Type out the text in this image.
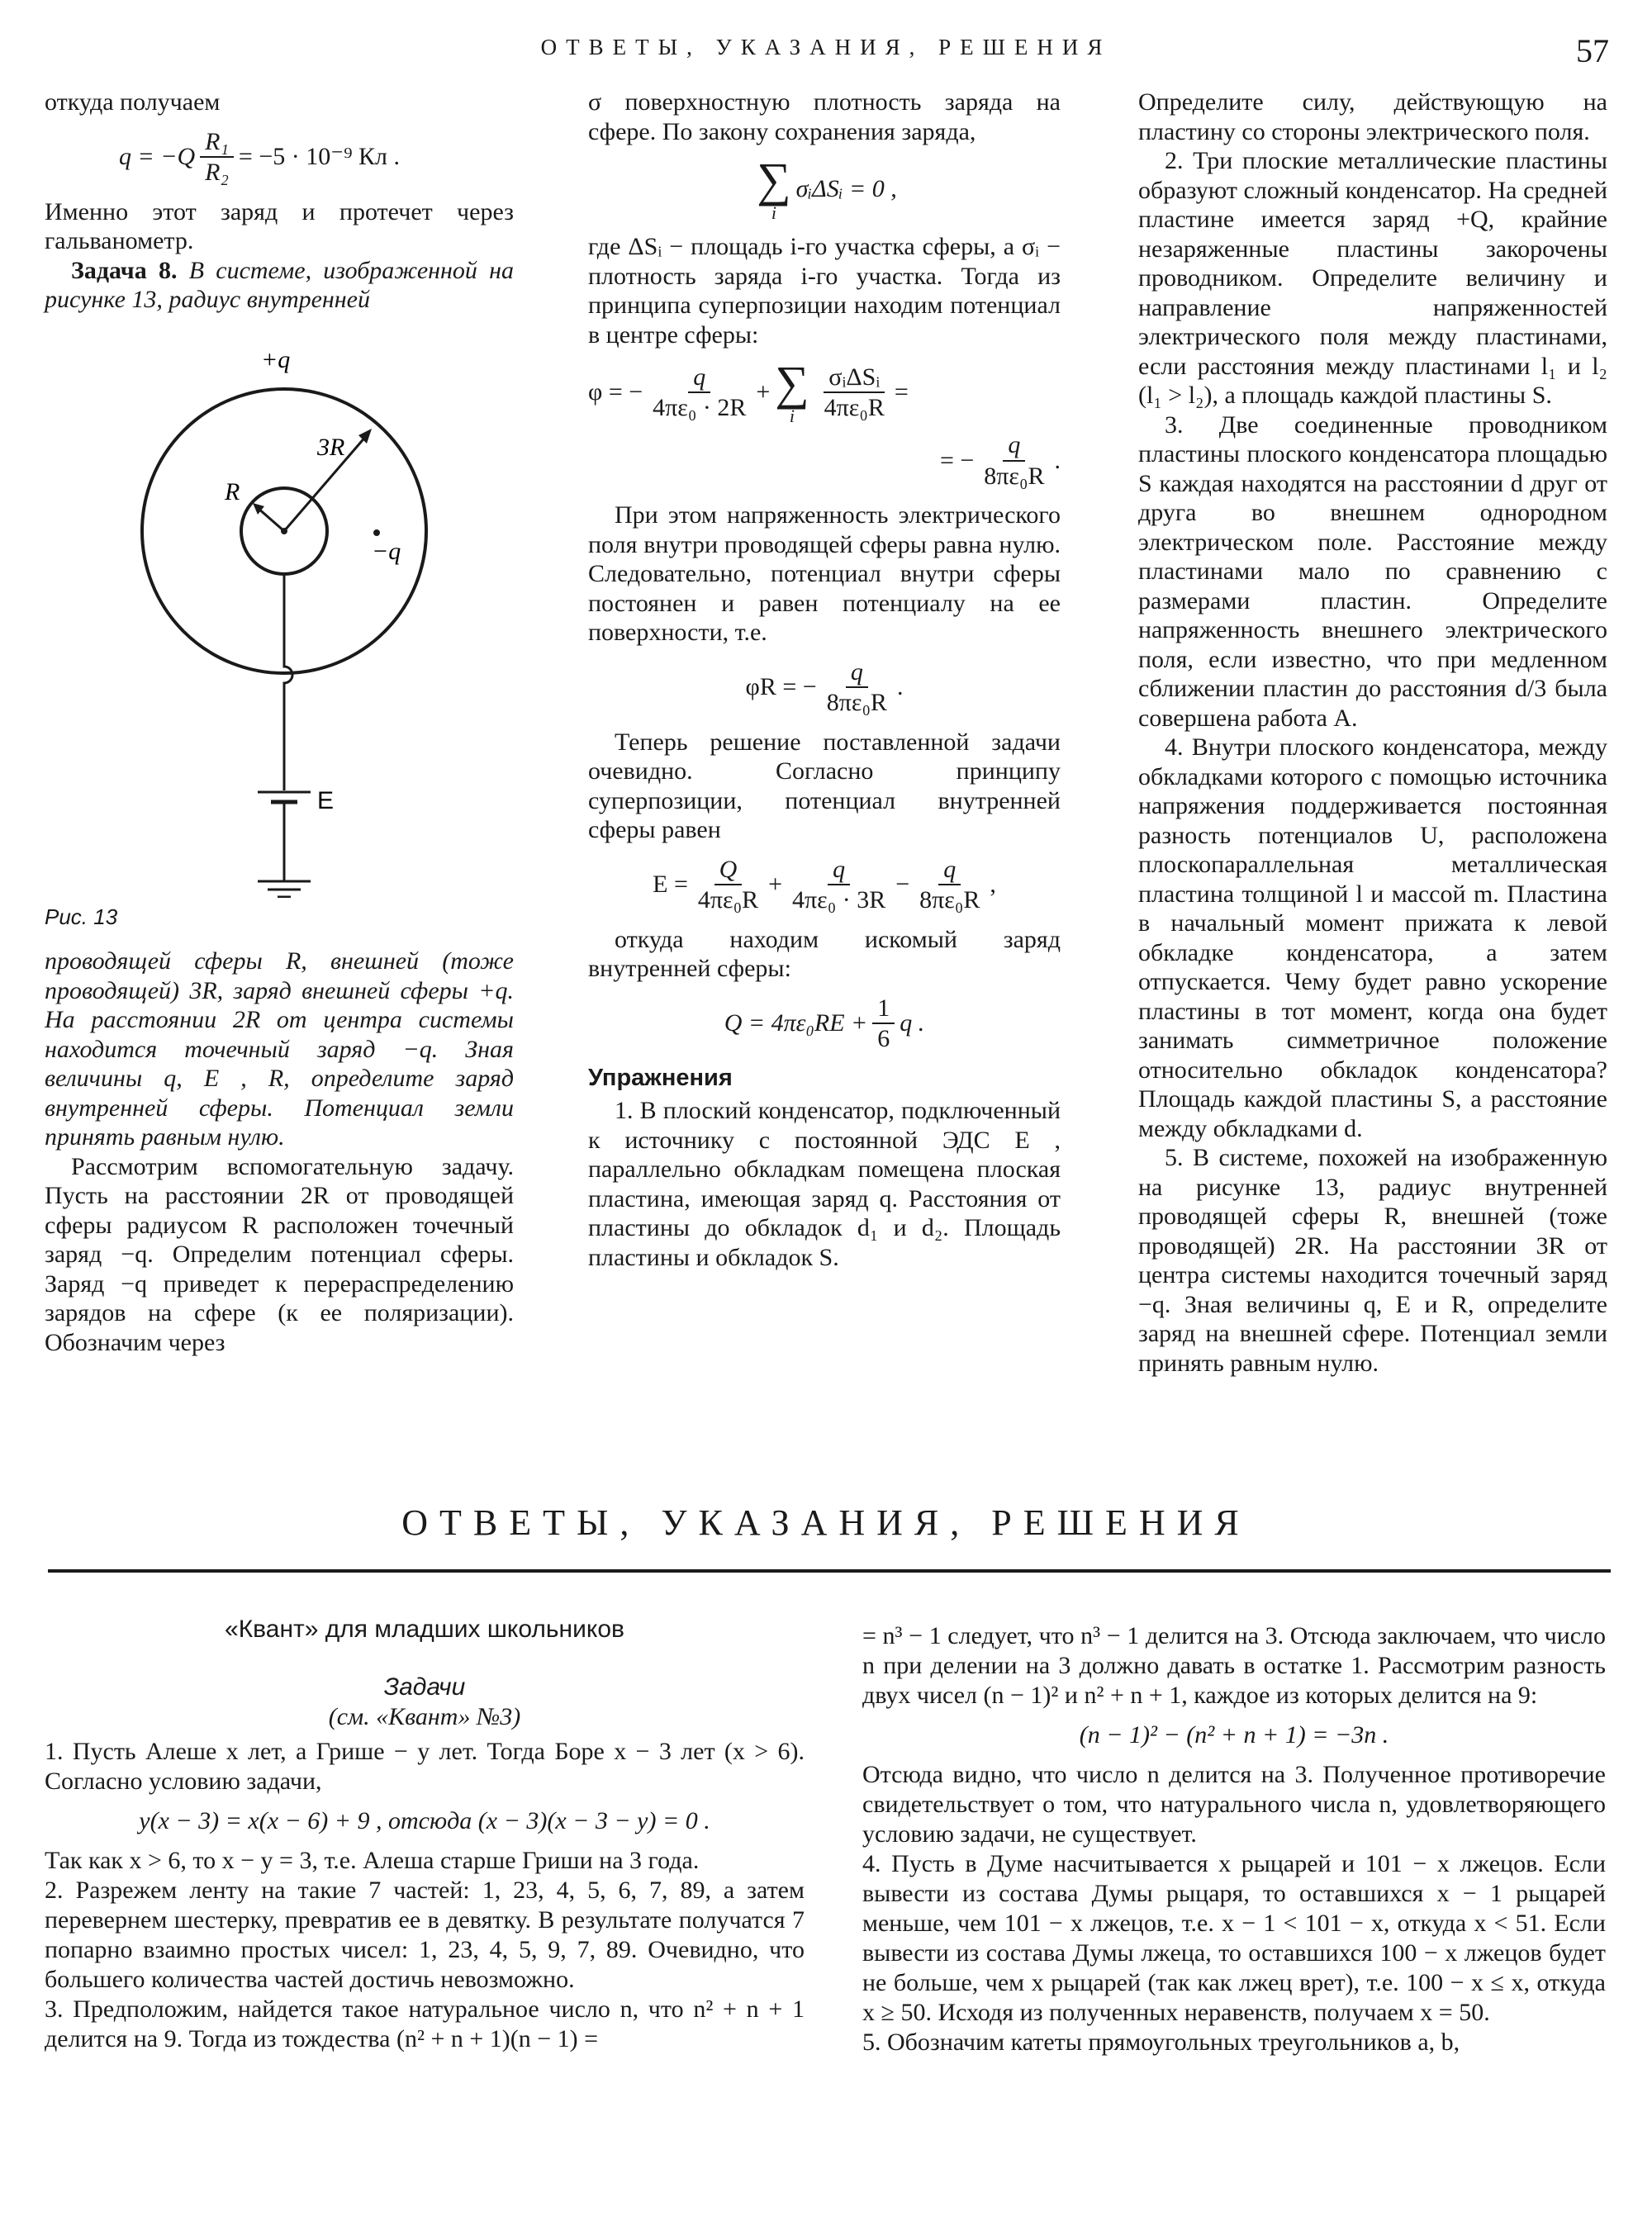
ОТВЕТЫ, УКАЗАНИЯ, РЕШЕНИЯ	57

откуда получаем

$q = -Q \frac{\text{R₁}}{\text{R₂}} = -5 \cdot 10^{-9}$ Кл .

Именно этот заряд и протечет через гальванометр.

Задача 8. В системе, изображенной на рисунке 13, радиус внутренней

+q
3R
R
−q
E
Рис. 13

проводящей сферы R, внешней (тоже проводящей) 3R, заряд внешней сферы +q. На расстоянии 2R от центра системы находится точечный заряд −q. Зная величины q, E , R, определите заряд внутренней сферы. Потенциал земли принять равным нулю.

Рассмотрим вспомогательную задачу. Пусть на расстоянии 2R от проводящей сферы радиусом R расположен точечный заряд −q. Определим потенциал сферы. Заряд −q приведет к перераспределению зарядов на сфере (к ее поляризации). Обозначим через

σ поверхностную плотность заряда на сфере. По закону сохранения заряда,

∑
i
σᵢΔSᵢ = 0 ,

где ΔSᵢ − площадь i-го участка сферы, а σᵢ − плотность заряда i-го участка. Тогда из принципа суперпозиции находим потенциал в центре сферы:

φ = − $\frac{q}{\text{4πε₀ · 2R}}$ + ∑
i $\frac{\text{σᵢΔSᵢ}}{\text{4πε₀R}}$ =
= − $\frac{q}{\text{8πε₀R}}$ .

При этом напряженность электрического поля внутри проводящей сферы равна нулю. Следовательно, потенциал внутри сферы постоянен и равен потенциалу на ее поверхности, т.е.

φR = − $\frac{q}{\text{8πε₀R}}$ .

Теперь решение поставленной задачи очевидно. Согласно принципу суперпозиции, потенциал внутренней сферы равен

$E = \frac{Q}{\text{4πε₀R}} + \frac{q}{\text{4πε₀ · 3R}} - \frac{q}{\text{8πε₀R}}$ ,

откуда находим искомый заряд внутренней сферы:

$Q = 4\pi\varepsilon_0RE + \frac{1}{6}$ q .
Упражнения

1. В плоский конденсатор, подключенный к источнику с постоянной ЭДС E , параллельно обкладкам помещена плоская пластина, имеющая заряд q. Расстояния от пластины до обкладок d₁ и d₂. Площадь пластины и обкладок S.

Определите силу, действующую на пластину со стороны электрического поля.

2. Три плоские металлические пластины образуют сложный конденсатор. На средней пластине имеется заряд +Q, крайние незаряженные пластины закорочены проводником. Определите величину и направление напряженностей электрического поля между пластинами, если расстояния между пластинами l₁ и l₂ (l₁ > l₂), а площадь каждой пластины S.

3. Две соединенные проводником пластины плоского конденсатора площадью S каждая находятся на расстоянии d друг от друга во внешнем однородном электрическом поле. Расстояние между пластинами мало по сравнению с размерами пластин. Определите напряженность внешнего электрического поля, если известно, что при медленном сближении пластин до расстояния d/3 была совершена работа A.

4. Внутри плоского конденсатора, между обкладками которого с помощью источника напряжения поддерживается постоянная разность потенциалов U, расположена плоскопараллельная металлическая пластина толщиной l и массой m. Пластина в начальный момент прижата к левой обкладке конденсатора, а затем отпускается. Чему будет равно ускорение пластины в тот момент, когда она будет занимать симметричное положение относительно обкладок конденсатора? Площадь каждой пластины S, а расстояние между обкладками d.

5. В системе, похожей на изображенную на рисунке 13, радиус внутренней проводящей сферы R, внешней (тоже проводящей) 2R. На расстоянии 3R от центра системы находится точечный заряд −q. Зная величины q, E и R, определите заряд на внешней сфере. Потенциал земли принять равным нулю.

ОТВЕТЫ, УКАЗАНИЯ, РЕШЕНИЯ
«Квант» для младших школьников
Задачи
(см. «Квант» №3)

1. Пусть Алеше x лет, а Грише − y лет. Тогда Боре x − 3 лет (x > 6). Согласно условию задачи,

y(x − 3) = x(x − 6) + 9 , отсюда (x − 3)(x − 3 − y) = 0 .

Так как x > 6, то x − y = 3, т.е. Алеша старше Гриши на 3 года.

2. Разрежем ленту на такие 7 частей: 1, 23, 4, 5, 6, 7, 89, а затем перевернем шестерку, превратив ее в девятку. В результате получатся 7 попарно взаимно простых чисел: 1, 23, 4, 5, 9, 7, 89. Очевидно, что большего количества частей достичь невозможно.

3. Предположим, найдется такое натуральное число n, что n² + n + 1 делится на 9. Тогда из тождества (n² + n + 1)(n − 1) =

= n³ − 1 следует, что n³ − 1 делится на 3. Отсюда заключаем, что число n при делении на 3 должно давать в остатке 1. Рассмотрим разность двух чисел (n − 1)² и n² + n + 1, каждое из которых делится на 9:

(n − 1)² − (n² + n + 1) = −3n .

Отсюда видно, что число n делится на 3. Полученное противоречие свидетельствует о том, что натурального числа n, удовлетворяющего условию задачи, не существует.

4. Пусть в Думе насчитывается x рыцарей и 101 − x лжецов. Если вывести из состава Думы рыцаря, то оставшихся x − 1 рыцарей меньше, чем 101 − x лжецов, т.е. x − 1 < 101 − x, откуда x < 51. Если вывести из состава Думы лжеца, то оставшихся 100 − x лжецов будет не больше, чем x рыцарей (так как лжец врет), т.е. 100 − x ≤ x, откуда x ≥ 50. Исходя из полученных неравенств, получаем x = 50.

5. Обозначим катеты прямоугольных треугольников a, b,
